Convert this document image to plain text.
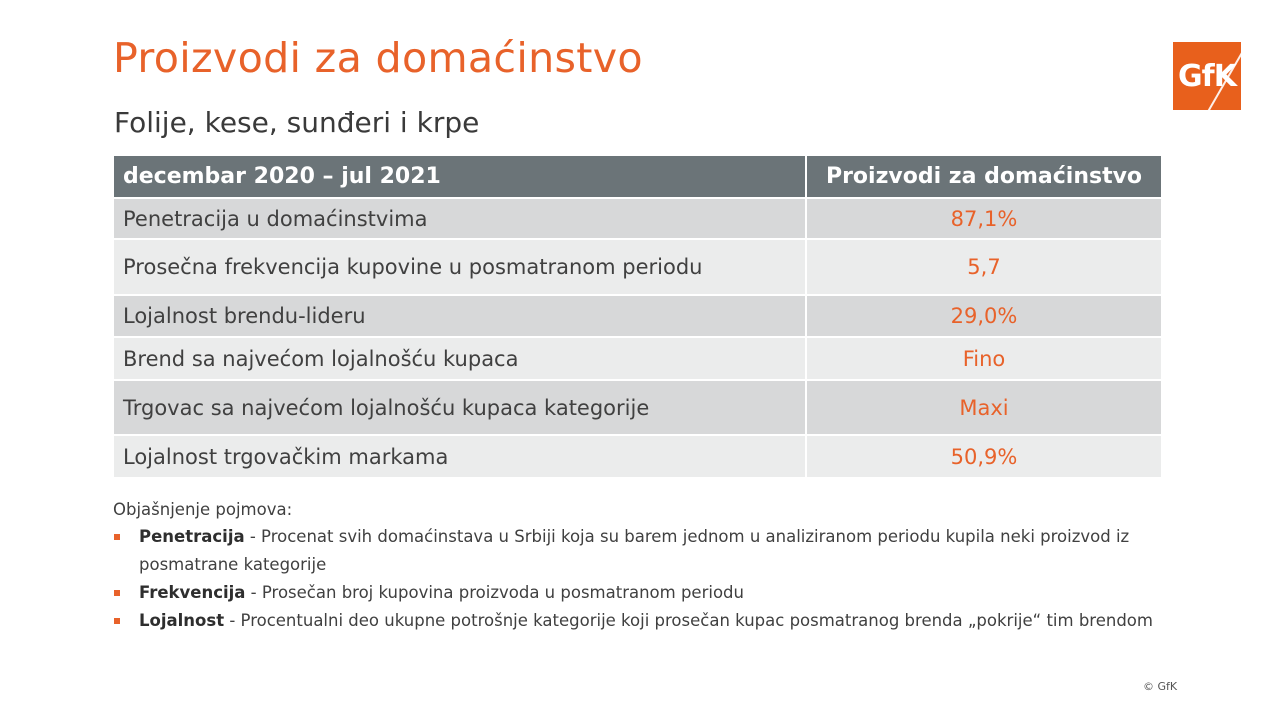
Proizvodi za domaćinstvo
Folije, kese, sunđeri i krpe
GfK
decembar 2020 – jul 2021	Proizvodi za domaćinstvo
Penetracija u domaćinstvima	87,1%
Prosečna frekvencija kupovine u posmatranom periodu	5,7
Lojalnost brendu-lideru	29,0%
Brend sa najvećom lojalnošću kupaca	Fino
Trgovac sa najvećom lojalnošću kupaca kategorije	Maxi
Lojalnost trgovačkim markama	50,9%
Objašnjenje pojmova:
Penetracija - Procenat svih domaćinstava u Srbiji koja su barem jednom u analiziranom periodu kupila neki proizvod iz posmatrane kategorije
Frekvencija - Prosečan broj kupovina proizvoda u posmatranom periodu
Lojalnost - Procentualni deo ukupne potrošnje kategorije koji prosečan kupac posmatranog brenda „pokrije“ tim brendom
© GfK
